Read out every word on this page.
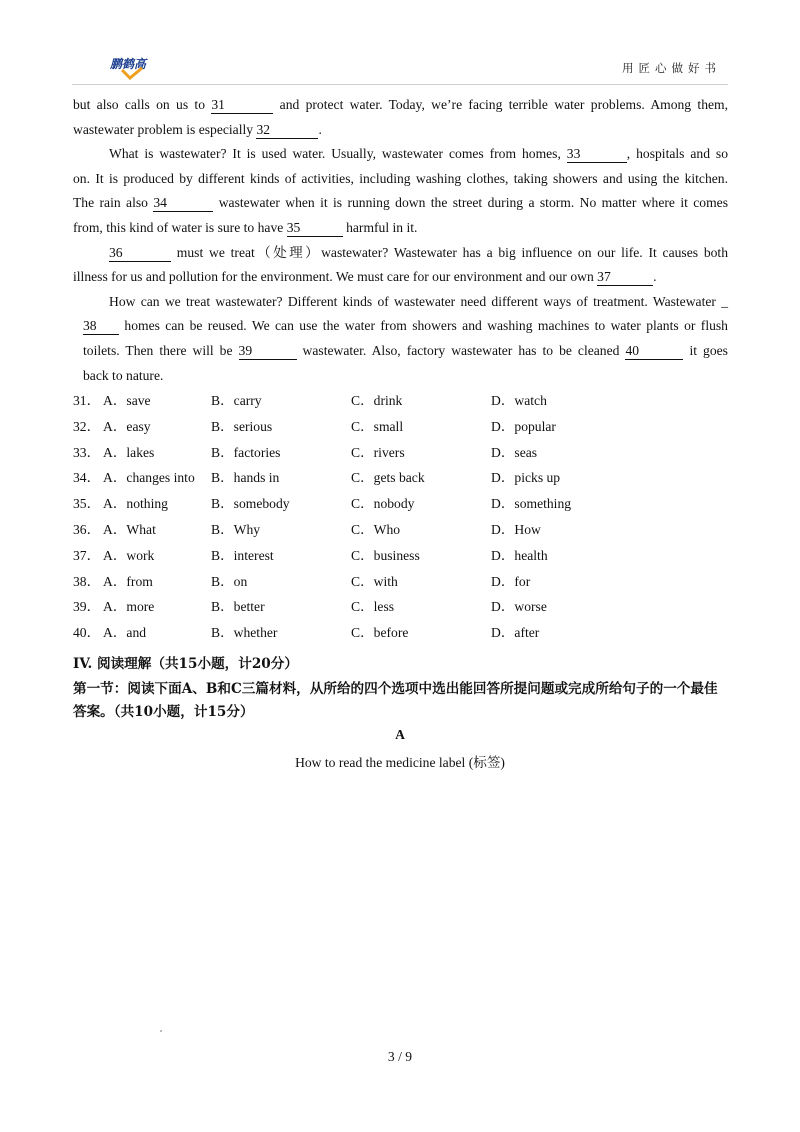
鹏鹤高	用匠心做好书
but also calls on us to 31	and protect water. Today, we’re facing terrible water problems. Among them,
wastewater problem is especially 32	.
What is wastewater? It is used water. Usually, wastewater comes from homes, 33	, hospitals and so
on. It is produced by different kinds of activities, including washing clothes, taking showers and using the kitchen.
The rain also 34	wastewater when it is running down the street during a storm. No matter where it comes
from, this kind of water is sure to have 35	harmful in it.
36	must we treat（处理）wastewater? Wastewater has a big influence on our life. It causes both
illness for us and pollution for the environment. We must care for our environment and our own 37	.
How can we treat wastewater? Different kinds of wastewater need different ways of treatment. Wastewater _
38 homes can be reused. We can use the water from showers and washing machines to water plants or flush
toilets. Then there will be 39	wastewater. Also, factory wastewater has to be cleaned 40	it goes
back to nature.
31． A．save	B．carry	C．drink	D．watch
32． A．easy	B．serious	C．small	D．popular
33． A．lakes	B．factories	C．rivers	D．seas
34． A．changes into B．hands in	C．gets back	D．picks up
35． A．nothing	B．somebody	C．nobody	D．something
36． A．What	B．Why	C．Who	D．How
37． A．work	B．interest	C．business	D．health
38． A．from	B．on	C．with	D．for
39． A．more	B．better	C．less	D．worse
40． A．and	B．whether	C．before	D．after
IV. 阅读理解（共15小题，计20分）
第一节：阅读下面A、B和C三篇材料，从所给的四个选项中选出能回答所提问题或完成所给句子的一个最佳答案。（共10小题，计15分）
A
How to read the medicine label (标签)
3 / 9
